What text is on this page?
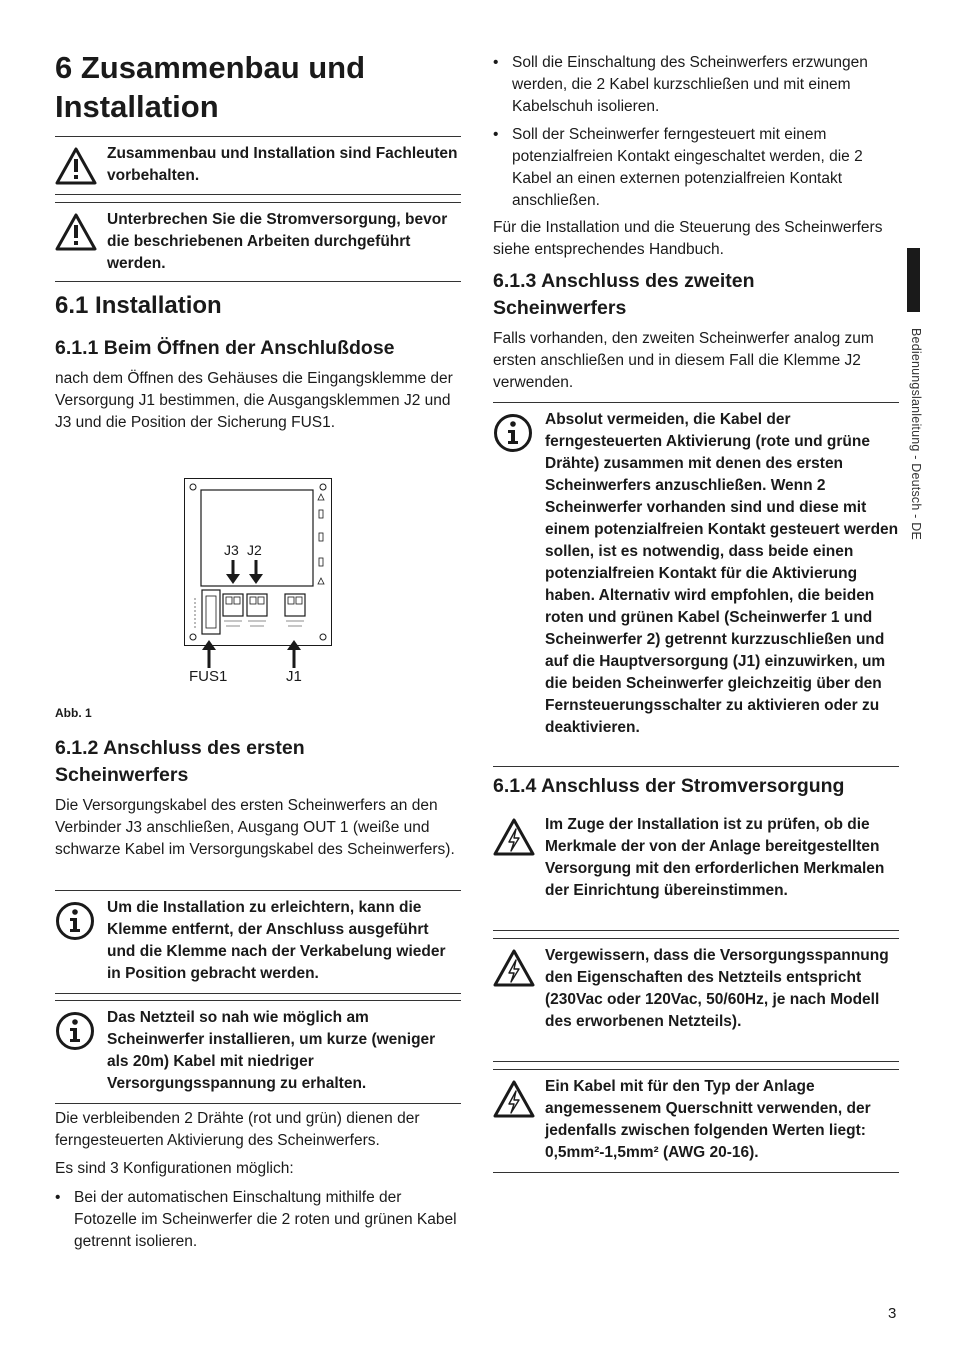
6 Zusammenbau und Installation
Zusammenbau und Installation sind Fachleuten vorbehalten.
Unterbrechen Sie die Stromversorgung, bevor die beschriebenen Arbeiten durchgeführt werden.
6.1 Installation
6.1.1 Beim Öffnen der Anschlußdose

nach dem Öffnen des Gehäuses die Eingangsklemme der Versorgung J1 bestimmen, die Ausgangsklemmen J2 und J3 und die Position der Sicherung FUS1.

J3 J2
FUS1	J1
Abb. 1
6.1.2 Anschluss des ersten Scheinwerfers

Die Versorgungskabel des ersten Scheinwerfers an den Verbinder J3 anschließen, Ausgang OUT 1 (weiße und schwarze Kabel im Versorgungskabel des Scheinwerfers).

Um die Installation zu erleichtern, kann die Klemme entfernt, der Anschluss ausgeführt und die Klemme nach der Verkabelung wieder in Position gebracht werden.
Das Netzteil so nah wie möglich am Scheinwerfer installieren, um kurze (weniger als 20m) Kabel mit niedriger Versorgungsspannung zu erhalten.

Die verbleibenden 2 Drähte (rot und grün) dienen der ferngesteuerten Aktivierung des Scheinwerfers.

Es sind 3 Konfigurationen möglich:

• Bei der automatischen Einschaltung mithilfe der Fotozelle im Scheinwerfer die 2 roten und grünen Kabel getrennt isolieren.
• Soll die Einschaltung des Scheinwerfers erzwungen werden, die 2 Kabel kurzschließen und mit einem Kabelschuh isolieren.
• Soll der Scheinwerfer ferngesteuert mit einem potenzialfreien Kontakt eingeschaltet werden, die 2 Kabel an einen externen potenzialfreien Kontakt anschließen.

Für die Installation und die Steuerung des Scheinwerfers siehe entsprechendes Handbuch.

6.1.3 Anschluss des zweiten Scheinwerfers

Falls vorhanden, den zweiten Scheinwerfer analog zum ersten anschließen und in diesem Fall die Klemme J2 verwenden.

Absolut vermeiden, die Kabel der ferngesteuerten Aktivierung (rote und grüne Drähte) zusammen mit denen des ersten Scheinwerfers anzuschließen. Wenn 2 Scheinwerfer vorhanden sind und diese mit einem potenzialfreien Kontakt gesteuert werden sollen, ist es notwendig, dass beide einen potenzialfreien Kontakt für die Aktivierung haben. Alternativ wird empfohlen, die beiden roten und grünen Kabel (Scheinwerfer 1 und Scheinwerfer 2) getrennt kurzzuschließen und auf die Hauptversorgung (J1) einzuwirken, um die beiden Scheinwerfer gleichzeitig über den Fernsteuerungsschalter zu aktivieren oder zu deaktivieren.
6.1.4 Anschluss der Stromversorgung
Im Zuge der Installation ist zu prüfen, ob die Merkmale der von der Anlage bereitgestellten Versorgung mit den erforderlichen Merkmalen der Einrichtung übereinstimmen.
Vergewissern, dass die Versorgungsspannung den Eigenschaften des Netzteils entspricht (230Vac oder 120Vac, 50/60Hz, je nach Modell des erworbenen Netzteils).
Ein Kabel mit für den Typ der Anlage angemessenem Querschnitt verwenden, der jedenfalls zwischen folgenden Werten liegt: 0,5mm²-1,5mm² (AWG 20-16).
Bedienungslanleitung - Deutsch - DE
3
